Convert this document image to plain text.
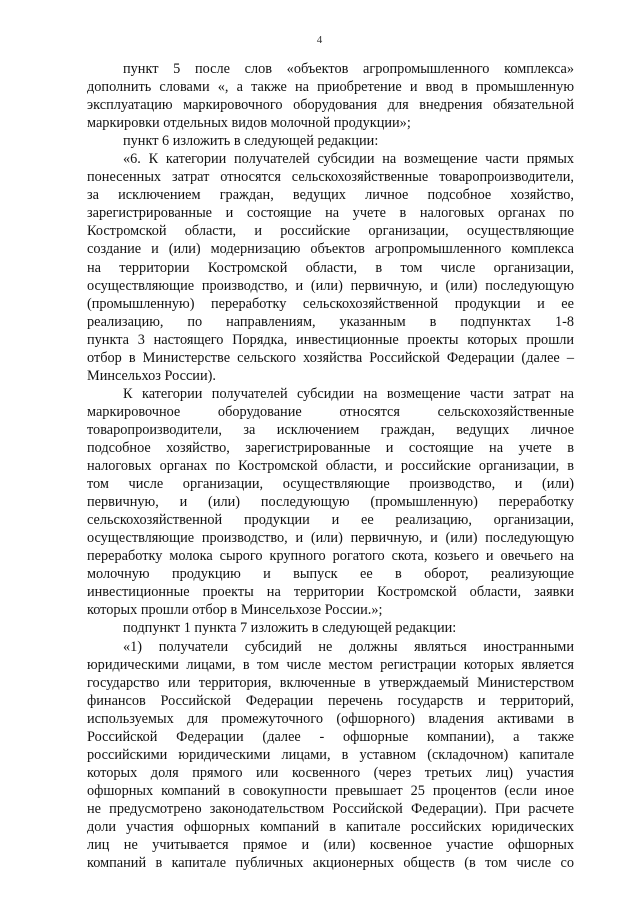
4
пункт 5 после слов «объектов агропромышленного комплекса»
дополнить словами «, а также на приобретение и ввод в промышленную
эксплуатацию маркировочного оборудования для внедрения обязательной
маркировки отдельных видов молочной продукции»;
пункт 6 изложить в следующей редакции:
«6. К категории получателей субсидии на возмещение части прямых
понесенных затрат относятся сельскохозяйственные товаропроизводители,
за исключением граждан, ведущих личное подсобное хозяйство,
зарегистрированные и состоящие на учете в налоговых органах по
Костромской области, и российские организации, осуществляющие
создание и (или) модернизацию объектов агропромышленного комплекса
на территории Костромской области, в том числе организации,
осуществляющие производство, и (или) первичную, и (или) последующую
(промышленную) переработку сельскохозяйственной продукции и ее
реализацию, по направлениям, указанным в подпунктах 1-8
пункта 3 настоящего Порядка, инвестиционные проекты которых прошли
отбор в Министерстве сельского хозяйства Российской Федерации (далее –
Минсельхоз России).
К категории получателей субсидии на возмещение части затрат на
маркировочное оборудование относятся сельскохозяйственные
товаропроизводители, за исключением граждан, ведущих личное
подсобное хозяйство, зарегистрированные и состоящие на учете в
налоговых органах по Костромской области, и российские организации, в
том числе организации, осуществляющие производство, и (или)
первичную, и (или) последующую (промышленную) переработку
сельскохозяйственной продукции и ее реализацию, организации,
осуществляющие производство, и (или) первичную, и (или) последующую
переработку молока сырого крупного рогатого скота, козьего и овечьего на
молочную продукцию и выпуск ее в оборот, реализующие
инвестиционные проекты на территории Костромской области, заявки
которых прошли отбор в Минсельхозе России.»;
подпункт 1 пункта 7 изложить в следующей редакции:
«1) получатели субсидий не должны являться иностранными
юридическими лицами, в том числе местом регистрации которых является
государство или территория, включенные в утверждаемый Министерством
финансов Российской Федерации перечень государств и территорий,
используемых для промежуточного (офшорного) владения активами в
Российской Федерации (далее - офшорные компании), а также
российскими юридическими лицами, в уставном (складочном) капитале
которых доля прямого или косвенного (через третьих лиц) участия
офшорных компаний в совокупности превышает 25 процентов (если иное
не предусмотрено законодательством Российской Федерации). При расчете
доли участия офшорных компаний в капитале российских юридических
лиц не учитывается прямое и (или) косвенное участие офшорных
компаний в капитале публичных акционерных обществ (в том числе со
